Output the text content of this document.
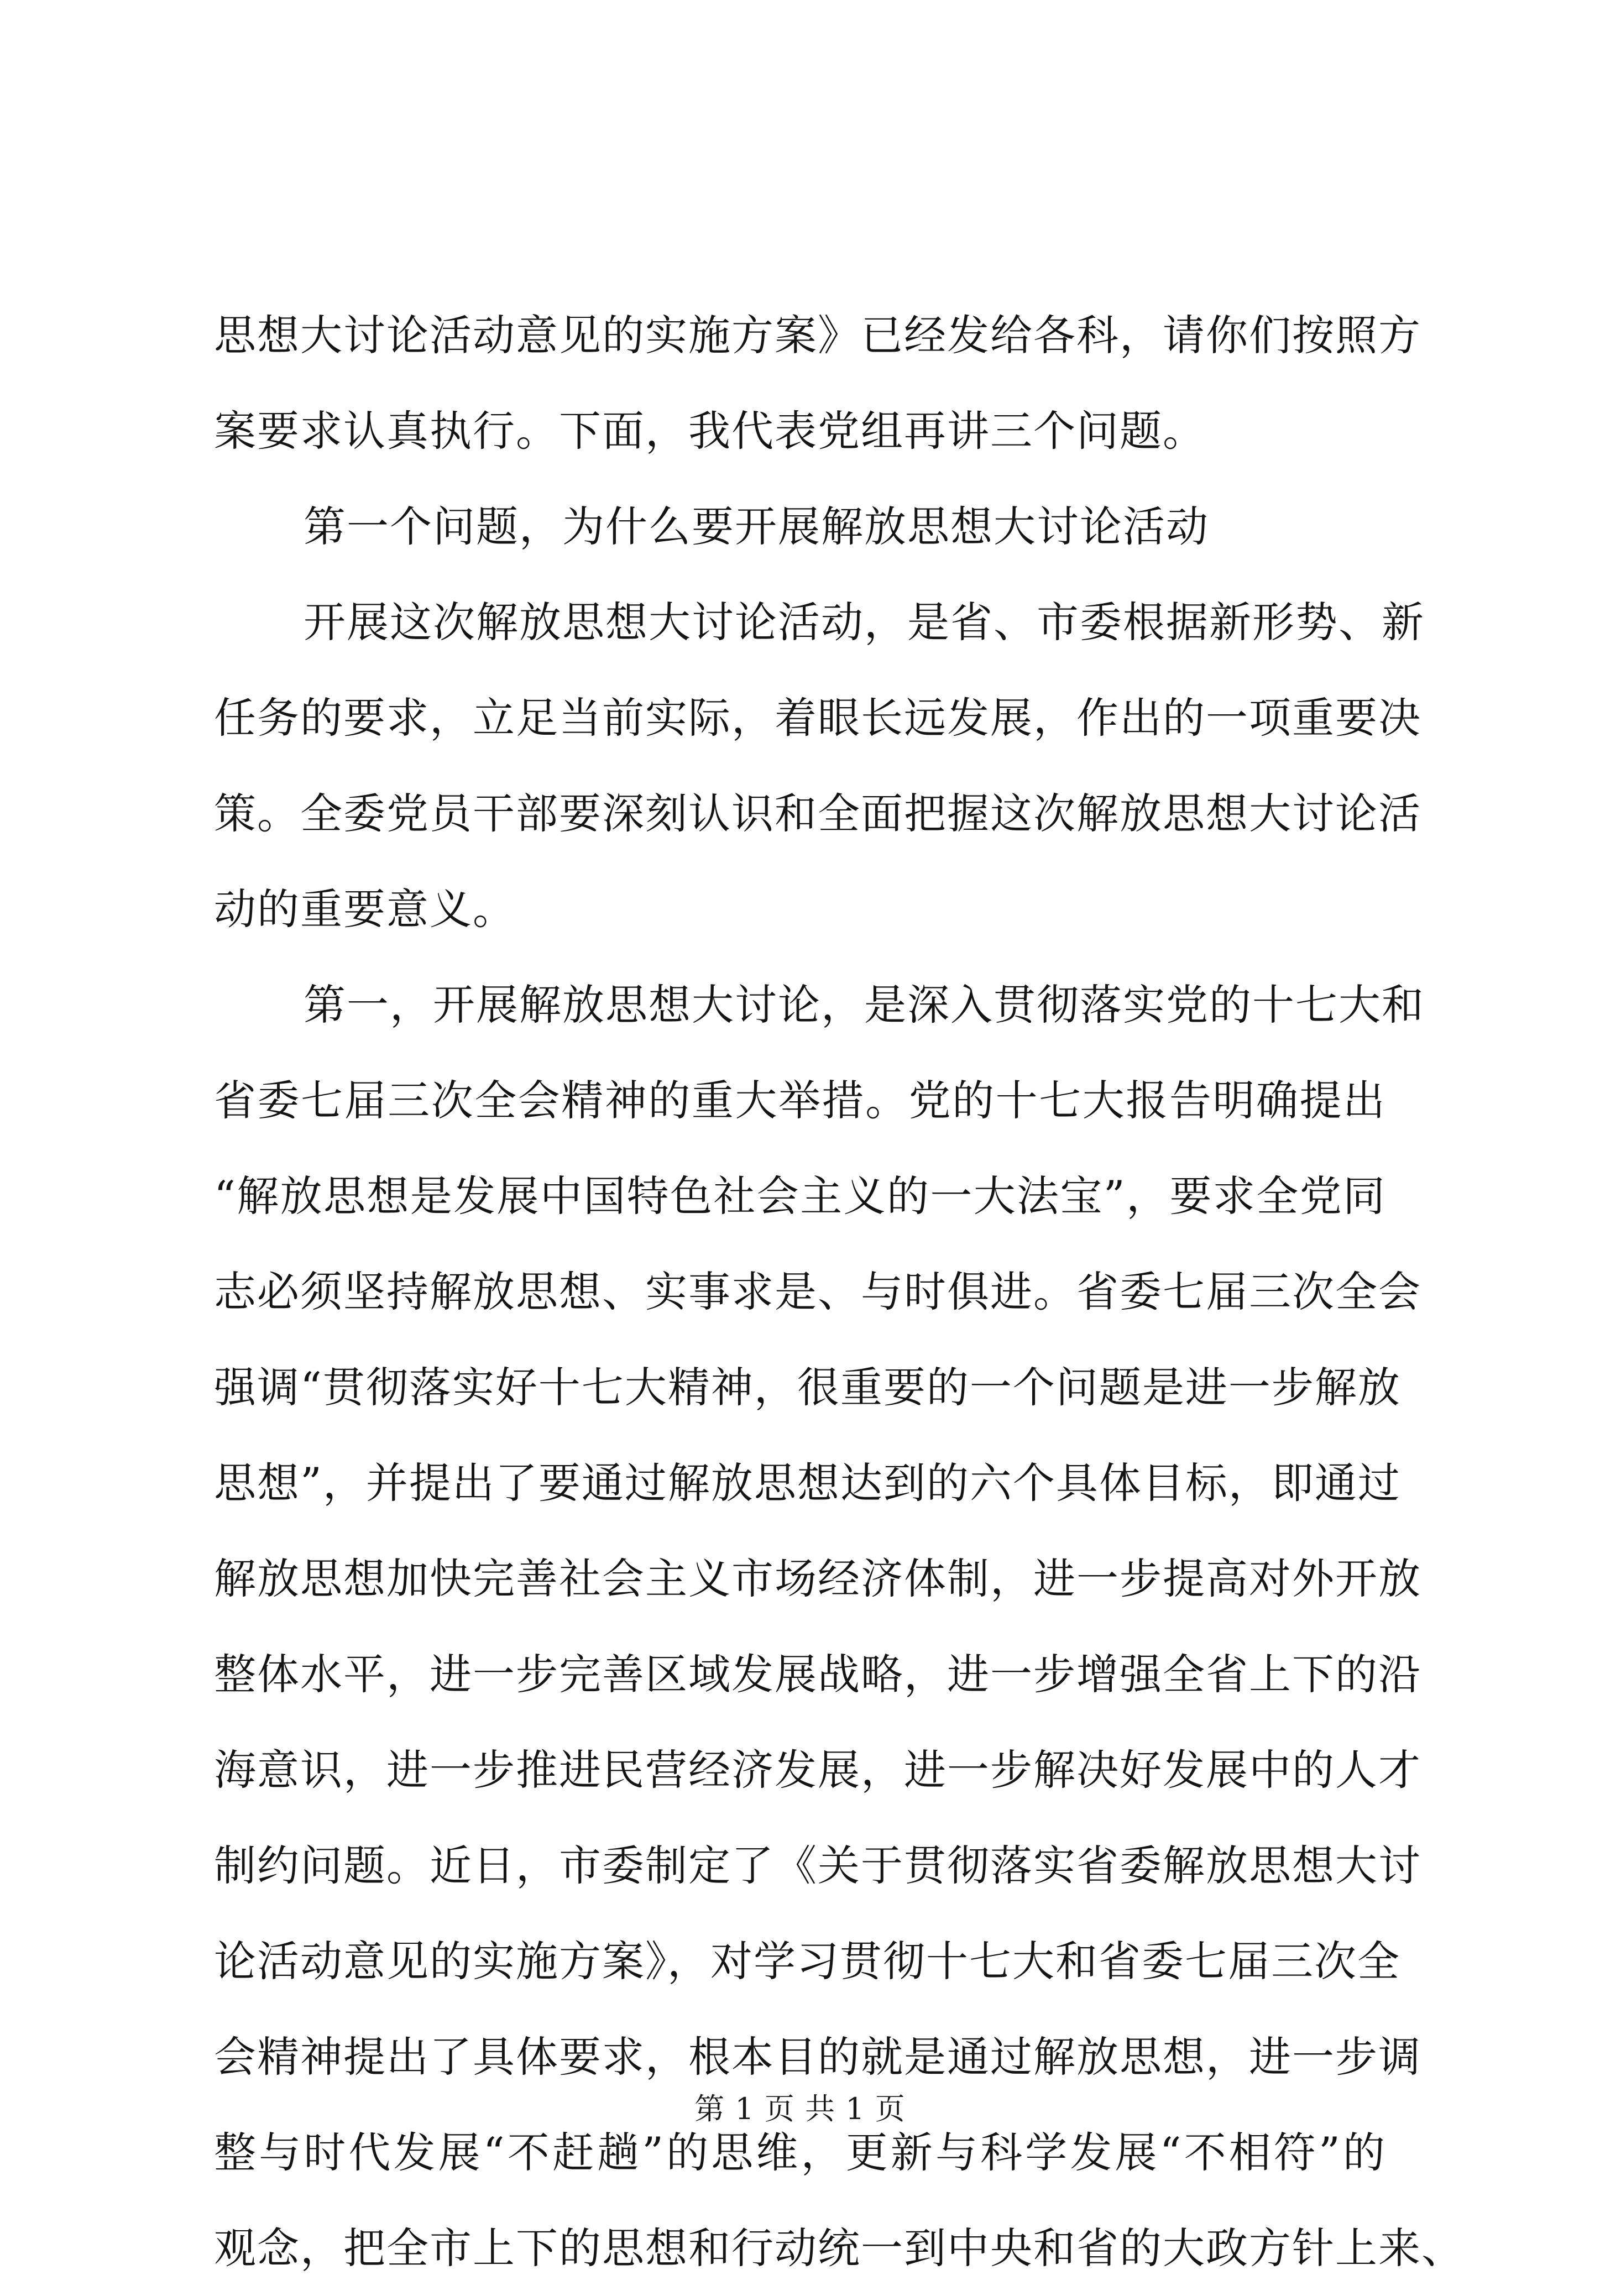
思想大讨论活动意见的实施方案》已经发给各科，请你们按照方
案要求认真执行。下面，我代表党组再讲三个问题。
第一个问题，为什么要开展解放思想大讨论活动
开展这次解放思想大讨论活动，是省、市委根据新形势、新
任务的要求，立足当前实际，着眼长远发展，作出的一项重要决
策。全委党员干部要深刻认识和全面把握这次解放思想大讨论活
动的重要意义。
第一，开展解放思想大讨论，是深入贯彻落实党的十七大和
省委七届三次全会精神的重大举措。党的十七大报告明确提出
“解放思想是发展中国特色社会主义的一大法宝”，要求全党同
志必须坚持解放思想、实事求是、与时俱进。省委七届三次全会
强调“贯彻落实好十七大精神，很重要的一个问题是进一步解放
思想”，并提出了要通过解放思想达到的六个具体目标，即通过
解放思想加快完善社会主义市场经济体制，进一步提高对外开放
整体水平，进一步完善区域发展战略，进一步增强全省上下的沿
海意识，进一步推进民营经济发展，进一步解决好发展中的人才
制约问题。近日，市委制定了《关于贯彻落实省委解放思想大讨
论活动意见的实施方案》，对学习贯彻十七大和省委七届三次全
会精神提出了具体要求，根本目的就是通过解放思想，进一步调
整与时代发展“不赶趟”的思维，更新与科学发展“不相符”的
观念，把全市上下的思想和行动统一到中央和省的大政方针上来、
第 1 页 共 1 页
